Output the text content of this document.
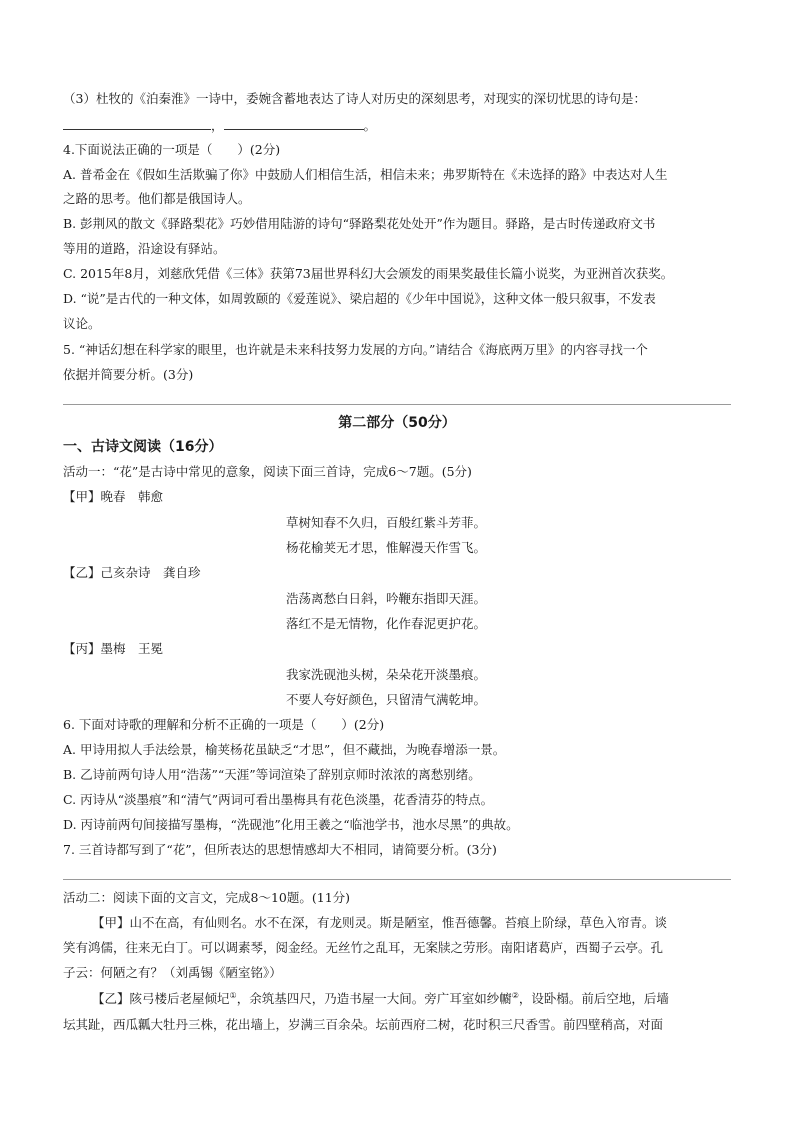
（3）杜牧的《泊秦淮》一诗中，委婉含蓄地表达了诗人对历史的深刻思考，对现实的深切忧思的诗句是：
，	。
4.下面说法正确的一项是（　　）(2分)
A. 普希金在《假如生活欺骗了你》中鼓励人们相信生活，相信未来；弗罗斯特在《未选择的路》中表达对人生
之路的思考。他们都是俄国诗人。
B. 彭荆风的散文《驿路梨花》巧妙借用陆游的诗句“驿路梨花处处开”作为题目。驿路，是古时传递政府文书
等用的道路，沿途设有驿站。
C. 2015年8月，刘慈欣凭借《三体》获第73届世界科幻大会颁发的雨果奖最佳长篇小说奖，为亚洲首次获奖。
D. “说”是古代的一种文体，如周敦颐的《爱莲说》、梁启超的《少年中国说》，这种文体一般只叙事，不发表
议论。
5. “神话幻想在科学家的眼里，也许就是未来科技努力发展的方向。”请结合《海底两万里》的内容寻找一个
依据并简要分析。(3分)
第二部分（50分）
一、古诗文阅读（16分）
活动一：“花”是古诗中常见的意象，阅读下面三首诗，完成6～7题。(5分)
【甲】晚春　韩愈
草树知春不久归，百般红紫斗芳菲。
杨花榆荚无才思，惟解漫天作雪飞。
【乙】己亥杂诗　龚自珍
浩荡离愁白日斜，吟鞭东指即天涯。
落红不是无情物，化作春泥更护花。
【丙】墨梅　王冕
我家洗砚池头树，朵朵花开淡墨痕。
不要人夸好颜色，只留清气满乾坤。
6. 下面对诗歌的理解和分析不正确的一项是（　　）(2分)
A. 甲诗用拟人手法绘景，榆荚杨花虽缺乏“才思”，但不藏拙，为晚春增添一景。
B. 乙诗前两句诗人用“浩荡”“天涯”等词渲染了辞别京师时浓浓的离愁别绪。
C. 丙诗从“淡墨痕”和“清气”两词可看出墨梅具有花色淡墨，花香清芬的特点。
D. 丙诗前两句间接描写墨梅，“洗砚池”化用王羲之“临池学书，池水尽黑”的典故。
7. 三首诗都写到了“花”，但所表达的思想情感却大不相同，请简要分析。(3分)
活动二：阅读下面的文言文，完成8～10题。(11分)
【甲】山不在高，有仙则名。水不在深，有龙则灵。斯是陋室，惟吾德馨。苔痕上阶绿，草色入帘青。谈
笑有鸿儒，往来无白丁。可以调素琴，阅金经。无丝竹之乱耳，无案牍之劳形。南阳诸葛庐，西蜀子云亭。孔
子云：何陋之有？（刘禹锡《陋室铭》）
【乙】陔弓楼后老屋倾圮①，余筑基四尺，乃造书屋一大间。旁广耳室如纱幮②，设卧榻。前后空地，后墙
坛其趾，西瓜瓤大牡丹三株，花出墙上，岁满三百余朵。坛前西府二树，花时积三尺香雪。前四壁稍高，对面
